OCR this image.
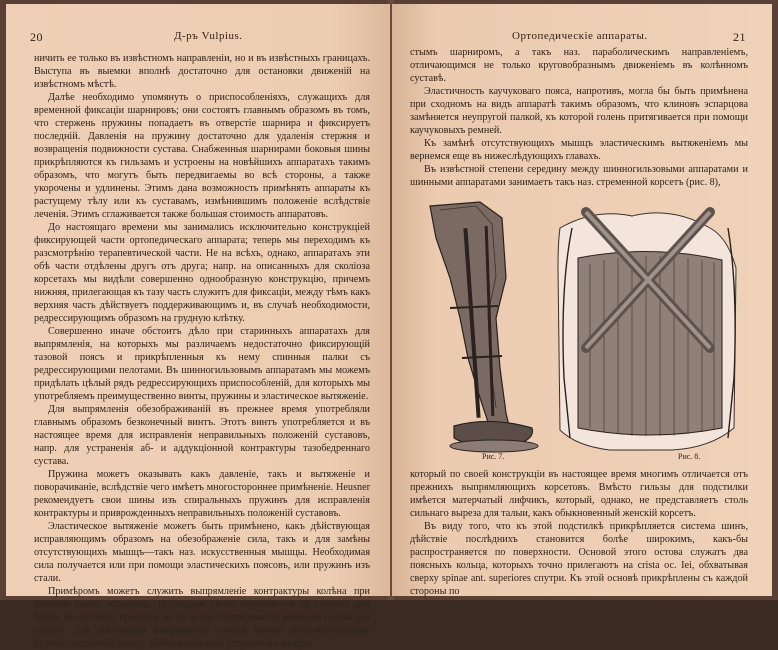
20	Д-ръ Vulpius.

ничить ее только въ извѣстномъ направленіи, но и въ извѣстныхъ границахъ. Выступа въ выемки вполнѣ достаточно для остановки движеній на извѣстномъ мѣстѣ.

Далѣе необходимо упомянуть о приспособленіяхъ, служащихъ для временной фиксаціи шарнировъ; они состоятъ главнымъ образомъ въ томъ, что стержень пружины попадаетъ въ отверстіе шарнира и фиксируетъ последній. Давленія на пружину достаточно для удаленія стержня и возвращенія подвижности сустава. Снабженныя шарнирами боковыя шины прикрѣпляются къ гильзамъ и устроены на новѣйшихъ аппаратахъ такимъ образомъ, что могутъ быть передвигаемы во всѣ стороны, а также укорочены и удлинены. Этимъ дана возможность примѣнять аппараты къ растущему тѣлу или къ суставамъ, измѣнившимъ положеніе вслѣдствіе леченія. Этимъ сглаживается также большая стоимость аппаратовъ.

До настоящаго времени мы занимались исключительно конструкціей фиксирующей части ортопедическаго аппарата; теперь мы переходимъ къ разсмотрѣнію терапевтической части. Не на всѣхъ, однако, аппаратахъ эти обѣ части отдѣлены другъ отъ друга; напр. на описанныхъ для сколіоза корсетахъ мы видѣли совершенно однообразную конструкцію, причемъ нижняя, прилегающая къ тазу часть служитъ для фиксаціи, между тѣмъ какъ верхняя часть дѣйствуетъ поддерживающимъ и, въ случаѣ необходимости, редрессирующимъ образомъ на грудную клѣтку.

Совершенно иначе обстоитъ дѣло при старинныхъ аппаратахъ для выпрямленія, на которыхъ мы различаемъ недостаточно фиксирующій тазовой поясъ и прикрѣпленныя къ нему спинныя палки съ редрессирующими пелотами. Въ шинногильзовымъ аппаратамъ мы можемъ придѣлать цѣлый рядъ редрессирующихъ приспособленій, для которыхъ мы употребляемъ преимущественно винты, пружины и эластическое вытяженіе.

Для выпрямленія обезображиваній въ прежнее время употребляли главнымъ образомъ безконечный винтъ. Этотъ винтъ употребляется и въ настоящее время для исправленія неправильныхъ положеній суставовъ, напр. для устраненія аб- и аддукціонной контрактуры тазобедреннаго сустава.

Пружина можетъ оказывать какъ давленіе, такъ и вытяженіе и поворачиваніе, вслѣдствіе чего имѣетъ многостороннее примѣненіе. Heusner рекомендуетъ свои шины изъ спиральныхъ пружинъ для исправленія контрактуры и приврожденныхъ неправильныхъ положеній суставовъ.

Эластическое вытяженіе можетъ быть примѣнено, какъ дѣйствующая исправляющимъ образомъ на обезображеніе сила, такъ и для замѣны отсутствующихъ мышцъ—такъ наз. искусственныя мышцы. Необходимая сила получается или при помощи эластическихъ поясовъ, или пружинъ изъ стали.

Примѣромъ можетъ служить выпрямленіе контрактуры колѣна при помощи клина эспарцова. Последняя тѣсно соединяется съ гильзой для бедра, къ нижнему придатку же по концу притягивается ремнями гильза для голени. Для достиженія выпрямленія голени можно физіологическимъ путемъ соединеніе между обѣими гильзами устраняется не про-

Ортопедическіе аппараты.	21

стымъ шарниромъ, а такъ наз. параболическимъ направленіемъ, отличающимся не только круговобразнымъ движеніемъ въ колѣнномъ суставѣ.

Эластичность каучуковаго пояса, напротивъ, могла бы быть примѣнена при сходномъ на видъ аппаратѣ такимъ образомъ, что клиновъ эспарцова замѣняется неупругой палкой, къ которой голень притягивается при помощи каучуковыхъ ремней.

Къ замѣнѣ отсутствующихъ мышцъ эластическимъ вытяженіемъ мы вернемся еще въ нижеслѣдующихъ главахъ.

Въ извѣстной степени середину между шинногильзовыми аппаратами и шинными аппаратами занимаетъ такъ наз. стременной корсетъ (рис. 8),

Рис. 7.	Рис. 8.

который по своей конструкціи въ настоящее время многимъ отличается отъ прежнихъ выпрямляющихъ корсетовъ. Вмѣсто гильзы для подстилки имѣется матерчатый лифчикъ, который, однако, не представляетъ столь сильнаго выреза для талыи, какъ обыкновенный женскій корсетъ.

Въ виду того, что къ этой подстилкѣ прикрѣпляется система шинъ, дѣйствіе послѣднихъ становится болѣе широкимъ, какъ-бы распространяется по поверхности. Основой этого остова служатъ два поясныхъ кольца, которыхъ точно прилегаютъ на crista ос. Iei, обхватывая сверху spinae ant. superiores спутри. Къ этой основѣ прикрѣплены съ каждой стороны по
